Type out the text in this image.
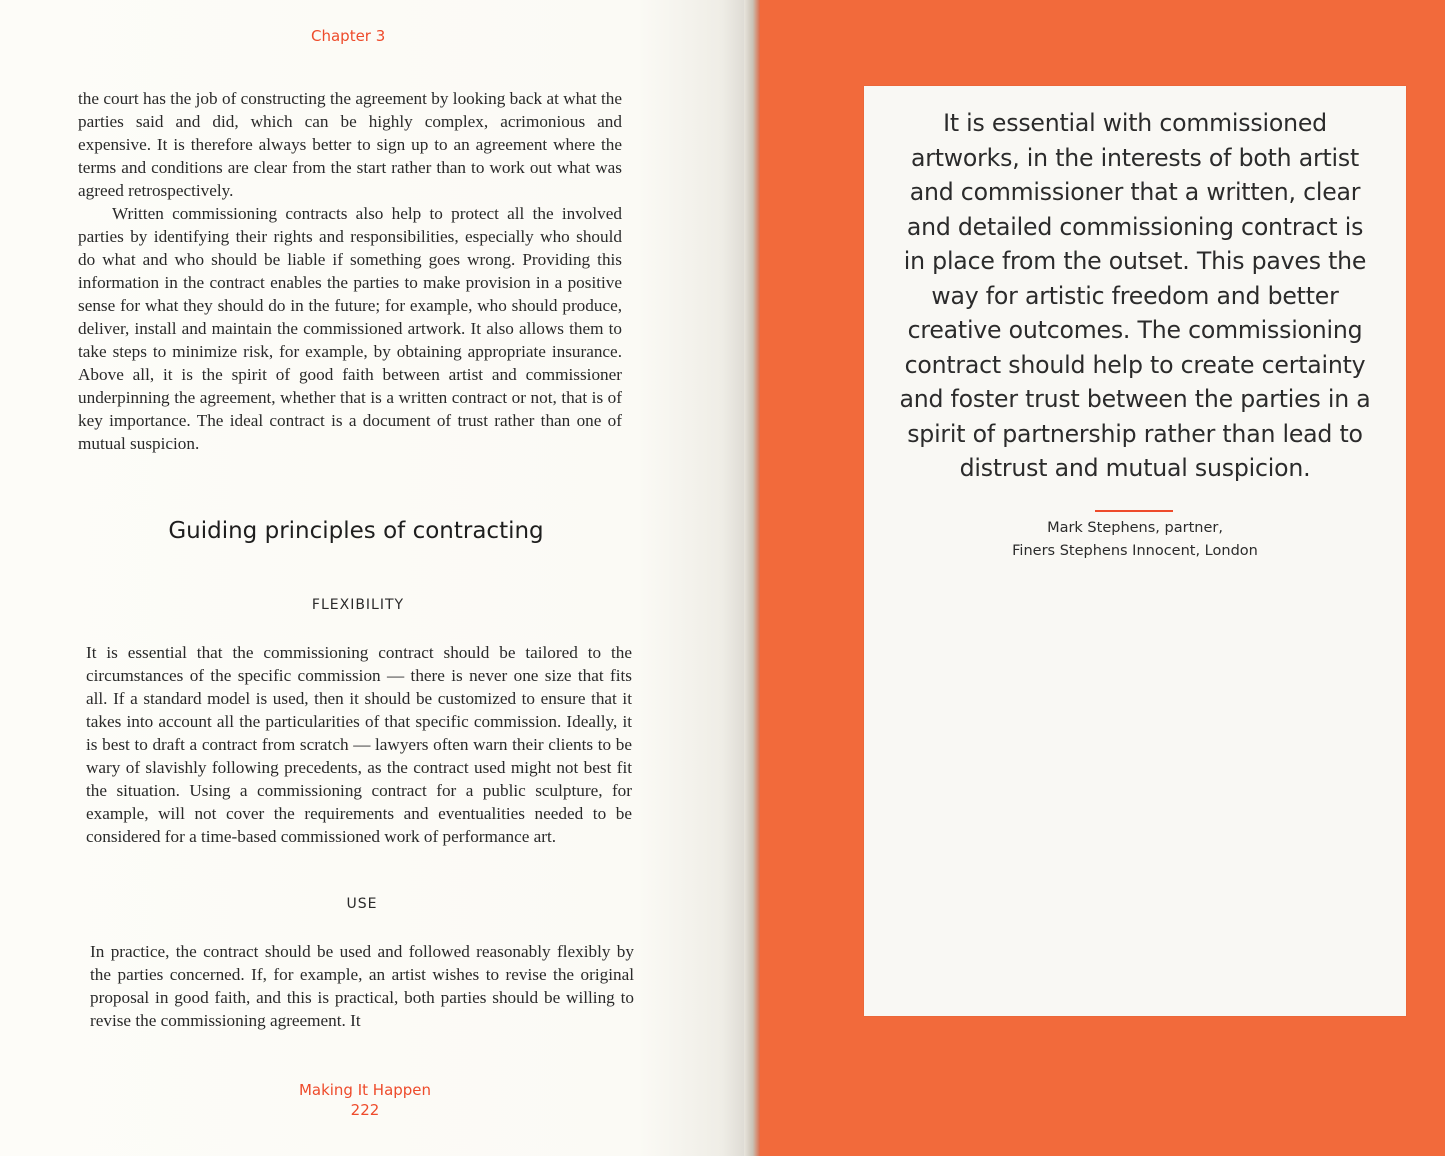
Chapter 3

the court has the job of constructing the agreement by looking back at what the parties said and did, which can be highly complex, acrimonious and expensive. It is therefore always better to sign up to an agreement where the terms and conditions are clear from the start rather than to work out what was agreed retrospectively.

Written commissioning contracts also help to protect all the involved parties by identifying their rights and responsibilities, especially who should do what and who should be liable if something goes wrong. Providing this information in the contract enables the parties to make provision in a positive sense for what they should do in the future; for example, who should produce, deliver, install and maintain the commissioned artwork. It also allows them to take steps to minimize risk, for example, by obtaining appropriate insurance. Above all, it is the spirit of good faith between artist and commissioner underpinning the agreement, whether that is a written contract or not, that is of key importance. The ideal contract is a document of trust rather than one of mutual suspicion.

Guiding principles of contracting
FLEXIBILITY

It is essential that the commissioning contract should be tailored to the circumstances of the specific commission — there is never one size that fits all. If a standard model is used, then it should be customized to ensure that it takes into account all the particularities of that specific commission. Ideally, it is best to draft a contract from scratch — lawyers often warn their clients to be wary of slavishly following precedents, as the contract used might not best fit the situation. Using a commissioning contract for a public sculpture, for example, will not cover the requirements and eventualities needed to be considered for a time-based commissioned work of performance art.

USE

In practice, the contract should be used and followed reasonably flexibly by the parties concerned. If, for example, an artist wishes to revise the original proposal in good faith, and this is practical, both parties should be willing to revise the commissioning agreement. It

Making It Happen
222

It is essential with commissioned artworks, in the interests of both artist and commissioner that a written, clear and detailed commissioning contract is in place from the outset. This paves the way for artistic freedom and better creative outcomes. The commissioning contract should help to create certainty and foster trust between the parties in a spirit of partnership rather than lead to distrust and mutual suspicion.

Mark Stephens, partner,
Finers Stephens Innocent, London
